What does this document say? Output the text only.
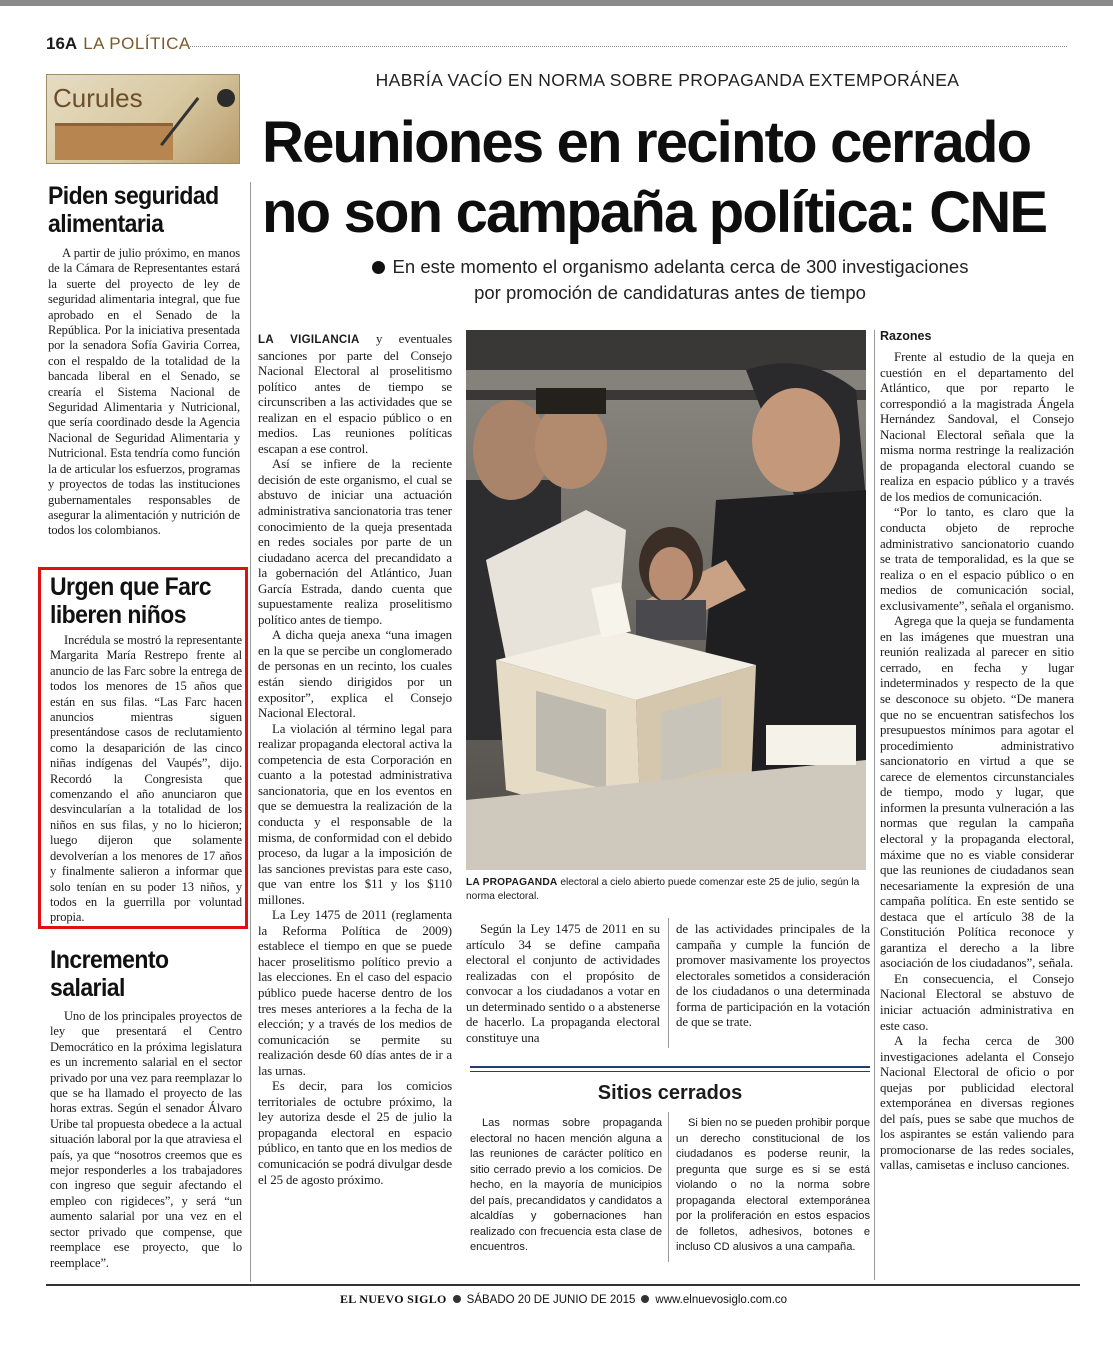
16A LA POLÍTICA
Curules
Piden seguridad alimentaria

A partir de julio próximo, en manos de la Cámara de Representantes estará la suerte del proyecto de ley de seguridad alimentaria integral, que fue aprobado en el Senado de la República. Por la iniciativa presentada por la senadora Sofía Gaviria Correa, con el respaldo de la totalidad de la bancada liberal en el Senado, se crearía el Sistema Nacional de Seguridad Alimentaria y Nutricional, que sería coordinado desde la Agencia Nacional de Seguridad Alimentaria y Nutricional. Esta tendría como función la de articular los esfuerzos, programas y proyectos de todas las instituciones gubernamentales responsables de asegurar la alimentación y nutrición de todos los colombianos.

Urgen que Farc liberen niños

Incrédula se mostró la representante Margarita María Restrepo frente al anuncio de las Farc sobre la entrega de todos los menores de 15 años que están en sus filas. “Las Farc hacen anuncios mientras siguen presentándose casos de reclutamiento como la desaparición de las cinco niñas indígenas del Vaupés”, dijo. Recordó la Congresista que comenzando el año anunciaron que desvincularían a la totalidad de los niños en sus filas, y no lo hicieron; luego dijeron que solamente devolverían a los menores de 17 años y finalmente salieron a informar que solo tenían en su poder 13 niños, y todos en la guerrilla por voluntad propia.

Incremento salarial

Uno de los principales proyectos de ley que presentará el Centro Democrático en la próxima legislatura es un incremento salarial en el sector privado por una vez para reemplazar lo que se ha llamado el proyecto de las horas extras. Según el senador Álvaro Uribe tal propuesta obedece a la actual situación laboral por la que atraviesa el país, ya que “nosotros creemos que es mejor responderles a los trabajadores con ingreso que seguir afectando el empleo con rigideces”, y será “un aumento salarial por una vez en el sector privado que compense, que reemplace ese proyecto, que lo reemplace”.

HABRÍA VACÍO EN NORMA SOBRE PROPAGANDA EXTEMPORÁNEA
Reuniones en recinto cerrado
no son campaña política: CNE
En este momento el organismo adelanta cerca de 300 investigaciones
por promoción de candidaturas antes de tiempo

LA VIGILANCIA y eventuales sanciones por parte del Consejo Nacional Electoral al proselitismo político antes de tiempo se circunscriben a las actividades que se realizan en el espacio público o en medios. Las reuniones políticas escapan a ese control.

Así se infiere de la reciente decisión de este organismo, el cual se abstuvo de iniciar una actuación administrativa sancionatoria tras tener conocimiento de la queja presentada en redes sociales por parte de un ciudadano acerca del precandidato a la gobernación del Atlántico, Juan García Estrada, dando cuenta que supuestamente realiza proselitismo político antes de tiempo.

A dicha queja anexa “una imagen en la que se percibe un conglomerado de personas en un recinto, los cuales están siendo dirigidos por un expositor”, explica el Consejo Nacional Electoral.

La violación al término legal para realizar propaganda electoral activa la competencia de esta Corporación en cuanto a la potestad administrativa sancionatoria, que en los eventos en que se demuestra la realización de la conducta y el responsable de la misma, de conformidad con el debido proceso, da lugar a la imposición de las sanciones previstas para este caso, que van entre los $11 y los $110 millones.

La Ley 1475 de 2011 (reglamenta la Reforma Política de 2009) establece el tiempo en que se puede hacer proselitismo político previo a las elecciones. En el caso del espacio público puede hacerse dentro de los tres meses anteriores a la fecha de la elección; y a través de los medios de comunicación se permite su realización desde 60 días antes de ir a las urnas.

Es decir, para los comicios territoriales de octubre próximo, la ley autoriza desde el 25 de julio la propaganda electoral en espacio público, en tanto que en los medios de comunicación se podrá divulgar desde el 25 de agosto próximo.

LA PROPAGANDA electoral a cielo abierto puede comenzar este 25 de julio, según la norma electoral.

Según la Ley 1475 de 2011 en su artículo 34 se define campaña electoral el conjunto de actividades realizadas con el propósito de convocar a los ciudadanos a votar en un determinado sentido o a abstenerse de hacerlo. La propaganda electoral constituye una

de las actividades principales de la campaña y cumple la función de promover masivamente los proyectos electorales sometidos a consideración de los ciudadanos o una determinada forma de participación en la votación de que se trate.

Razones

Frente al estudio de la queja en cuestión en el departamento del Atlántico, que por reparto le correspondió a la magistrada Ángela Hernández Sandoval, el Consejo Nacional Electoral señala que la misma norma restringe la realización de propaganda electoral cuando se realiza en espacio público y a través de los medios de comunicación.

“Por lo tanto, es claro que la conducta objeto de reproche administrativo sancionatorio cuando se trata de temporalidad, es la que se realiza o en el espacio público o en medios de comunicación social, exclusivamente”, señala el organismo.

Agrega que la queja se fundamenta en las imágenes que muestran una reunión realizada al parecer en sitio cerrado, en fecha y lugar indeterminados y respecto de la que se desconoce su objeto. “De manera que no se encuentran satisfechos los presupuestos mínimos para agotar el procedimiento administrativo sancionatorio en virtud a que se carece de elementos circunstanciales de tiempo, modo y lugar, que informen la presunta vulneración a las normas que regulan la campaña electoral y la propaganda electoral, máxime que no es viable considerar que las reuniones de ciudadanos sean necesariamente la expresión de una campaña política. En este sentido se destaca que el artículo 38 de la Constitución Política reconoce y garantiza el derecho a la libre asociación de los ciudadanos”, señala.

En consecuencia, el Consejo Nacional Electoral se abstuvo de iniciar actuación administrativa en este caso.

A la fecha cerca de 300 investigaciones adelanta el Consejo Nacional Electoral de oficio o por quejas por publicidad electoral extemporánea en diversas regiones del país, pues se sabe que muchos de los aspirantes se están valiendo para promocionarse de las redes sociales, vallas, camisetas e incluso canciones.

Sitios cerrados

Las normas sobre propaganda electoral no hacen mención alguna a las reuniones de carácter político en sitio cerrado previo a los comicios. De hecho, en la mayoría de municipios del país, precandidatos y candidatos a alcaldías y gobernaciones han realizado con frecuencia esta clase de encuentros.

Si bien no se pueden prohibir porque un derecho constitucional de los ciudadanos es poderse reunir, la pregunta que surge es si se está violando o no la norma sobre propaganda electoral extemporánea por la proliferación en estos espacios de folletos, adhesivos, botones e incluso CD alusivos a una campaña.

EL NUEVO SIGLO SÁBADO 20 DE JUNIO DE 2015 www.elnuevosiglo.com.co
